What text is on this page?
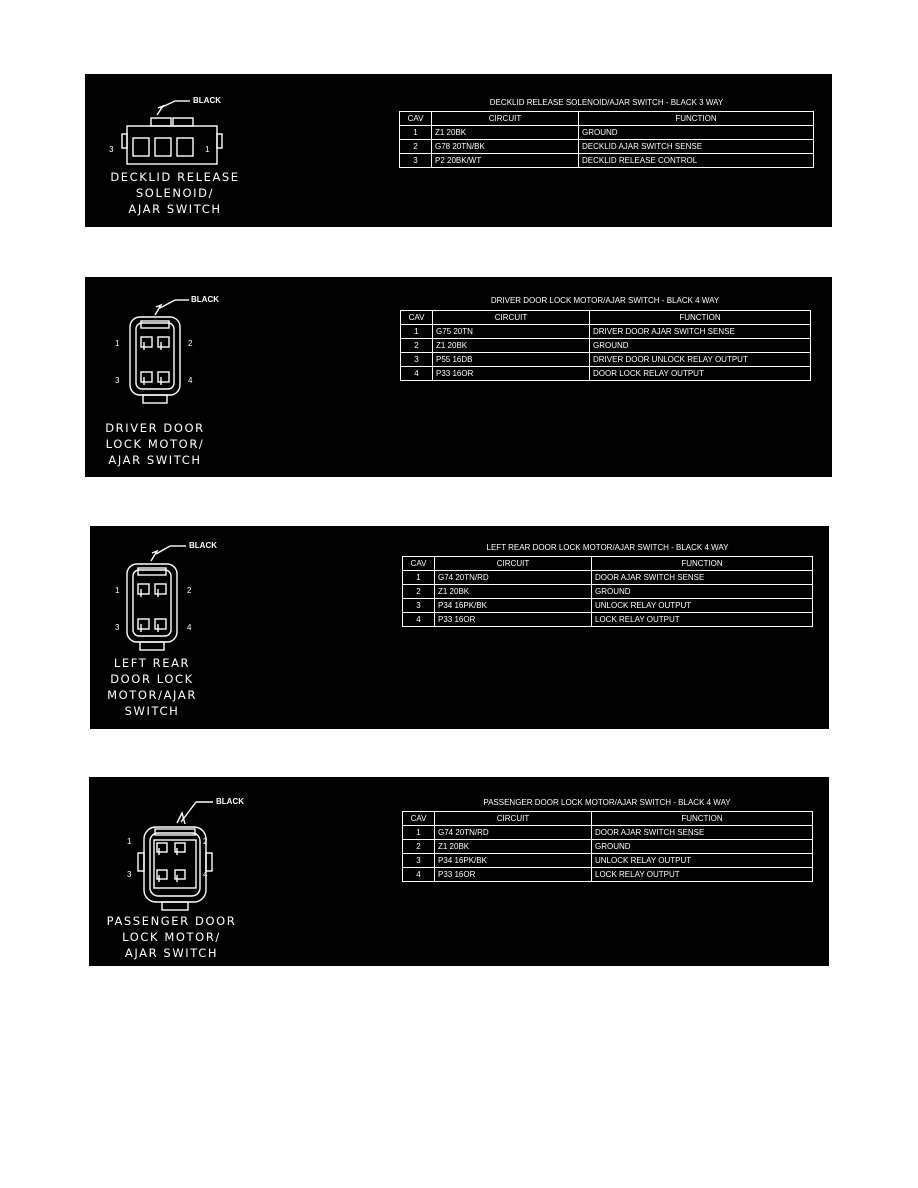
BLACK
3	1
DECKLID RELEASE
SOLENOID/
AJAR SWITCH
DECKLID RELEASE SOLENOID/AJAR SWITCH - BLACK 3 WAY
CAV	CIRCUIT	FUNCTION
1	Z1 20BK	GROUND
2	G78 20TN/BK	DECKLID AJAR SWITCH SENSE
3	P2 20BK/WT	DECKLID RELEASE CONTROL
BLACK
1	2
3	4
DRIVER DOOR
LOCK MOTOR/
AJAR SWITCH
DRIVER DOOR LOCK MOTOR/AJAR SWITCH - BLACK 4 WAY
CAV	CIRCUIT	FUNCTION
1	G75 20TN	DRIVER DOOR AJAR SWITCH SENSE
2	Z1 20BK	GROUND
3	P55 16DB	DRIVER DOOR UNLOCK RELAY OUTPUT
4	P33 16OR	DOOR LOCK RELAY OUTPUT
BLACK
1	2
3	4
LEFT REAR
DOOR LOCK
MOTOR/AJAR
SWITCH
LEFT REAR DOOR LOCK MOTOR/AJAR SWITCH - BLACK 4 WAY
CAV	CIRCUIT	FUNCTION
1	G74 20TN/RD	DOOR AJAR SWITCH SENSE
2	Z1 20BK	GROUND
3	P34 16PK/BK	UNLOCK RELAY OUTPUT
4	P33 16OR	LOCK RELAY OUTPUT
BLACK
1	2
3	4
PASSENGER DOOR
LOCK MOTOR/
AJAR SWITCH
PASSENGER DOOR LOCK MOTOR/AJAR SWITCH - BLACK 4 WAY
CAV	CIRCUIT	FUNCTION
1	G74 20TN/RD	DOOR AJAR SWITCH SENSE
2	Z1 20BK	GROUND
3	P34 16PK/BK	UNLOCK RELAY OUTPUT
4	P33 16OR	LOCK RELAY OUTPUT
